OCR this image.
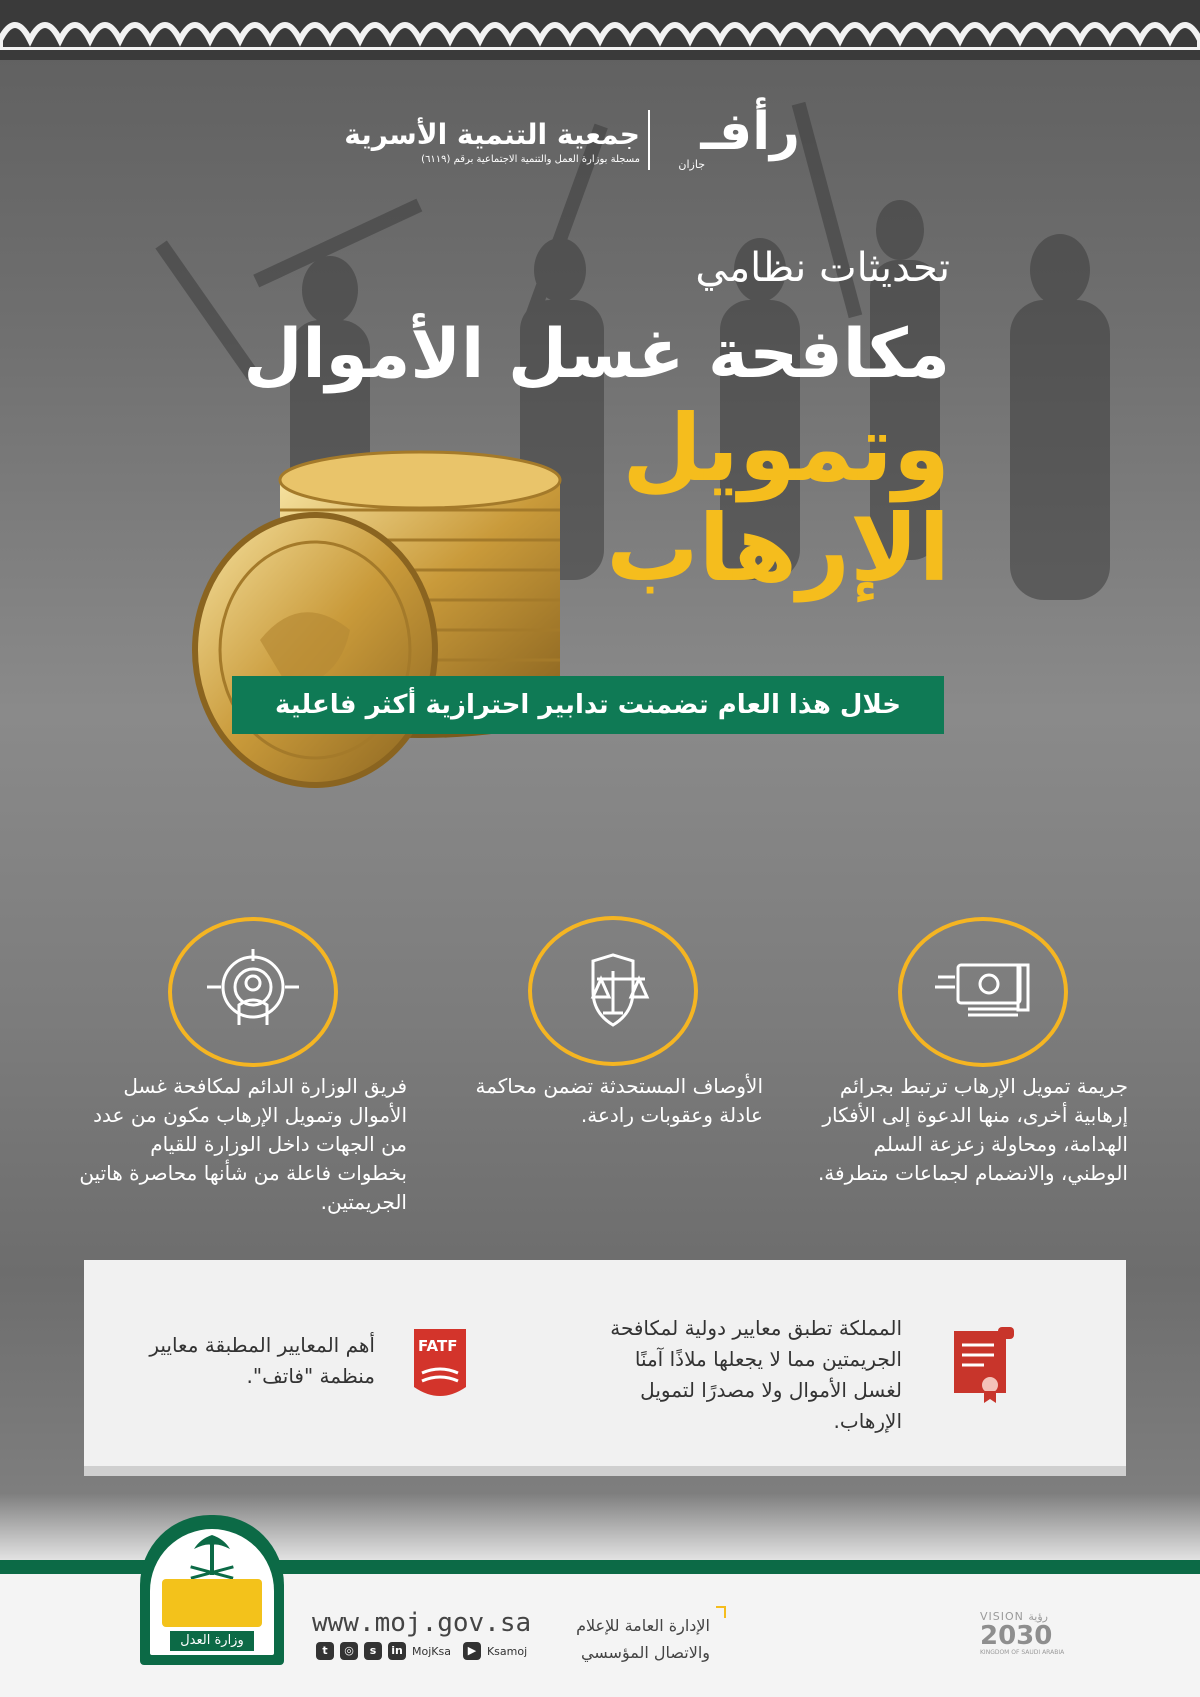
رأفـ
جازان
جمعية التنمية الأسرية
مسجلة بوزارة العمل والتنمية الاجتماعية برقم (٦١١٩)
تحديثات نظامي
مكافحة غسل الأموال
وتمويل
الإرهاب
خلال هذا العام تضمنت تدابير احترازية أكثر فاعلية
جريمة تمويل الإرهاب ترتبط بجرائم إرهابية أخرى، منها الدعوة إلى الأفكار الهدامة، ومحاولة زعزعة السلم الوطني، والانضمام لجماعات متطرفة.
الأوصاف المستحدثة تضمن محاكمة عادلة وعقوبات رادعة.
فريق الوزارة الدائم لمكافحة غسل الأموال وتمويل الإرهاب مكون من عدد من الجهات داخل الوزارة للقيام بخطوات فاعلة من شأنها محاصرة هاتين الجريمتين.
المملكة تطبق معايير دولية لمكافحة الجريمتين مما لا يجعلها ملاذًا آمنًا لغسل الأموال ولا مصدرًا لتمويل الإرهاب.
FATF
أهم المعايير المطبقة معايير منظمة "فاتف".
وزارة العدل
www.moj.gov.sa
t	◎	s	in MojKsa	▶ Ksamoj
الإدارة العامة للإعلام
والاتصال المؤسسي
VISION رؤية
2030
KINGDOM OF SAUDI ARABIA
